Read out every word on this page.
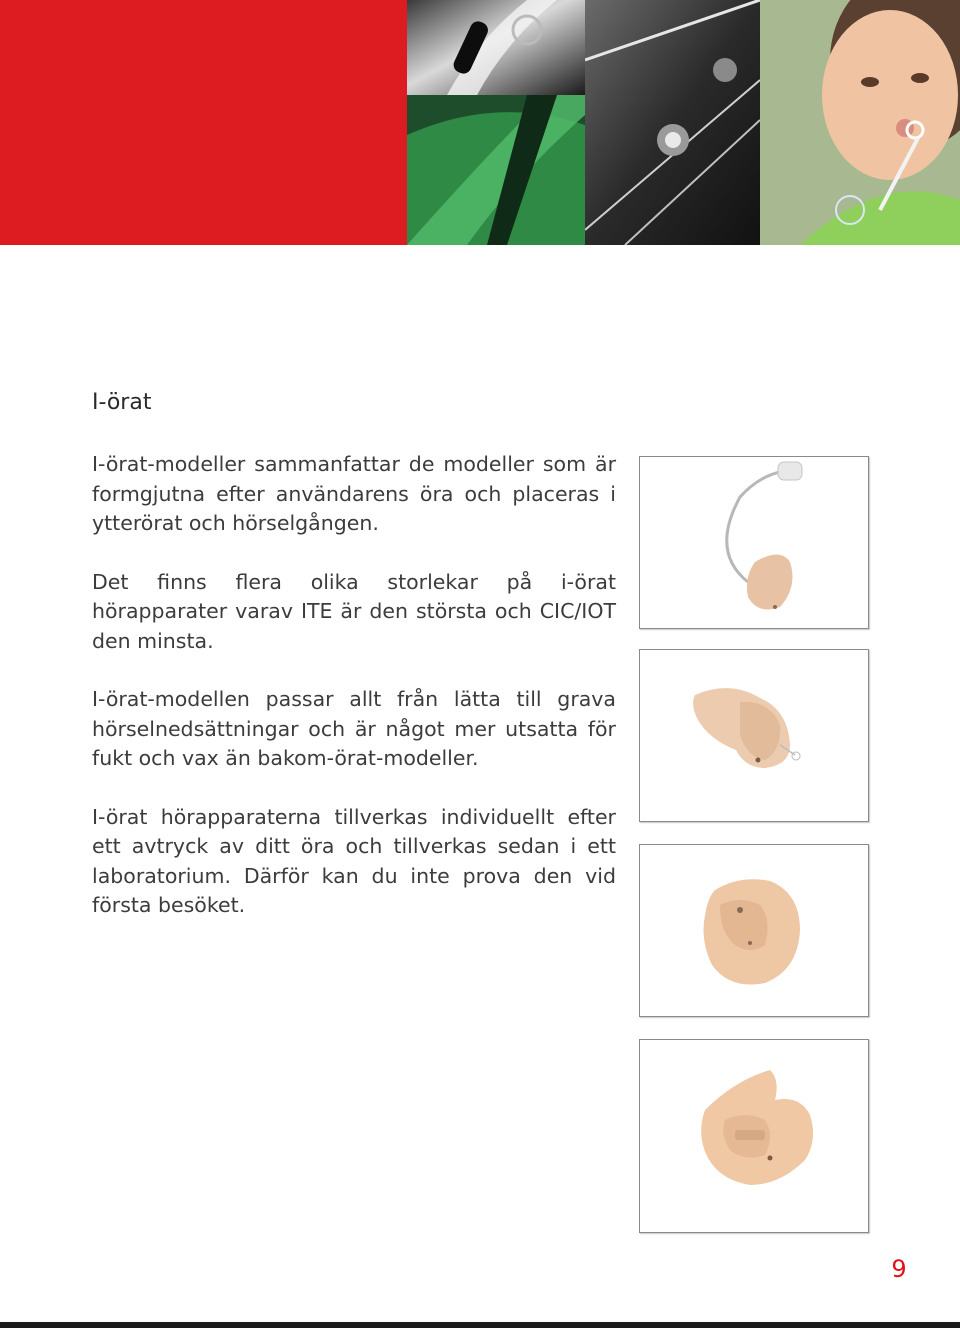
I-örat

I-örat-modeller sammanfattar de modeller som är formgjutna efter användarens öra och placeras i ytterörat och hörselgången.

Det finns flera olika storlekar på i-örat hörapparater varav ITE är den största och CIC/IOT den minsta.

I-örat-modellen passar allt från lätta till grava hörselnedsättningar och är något mer utsatta för fukt och vax än bakom-örat-modeller.

I-örat hörapparaterna tillverkas individuellt efter ett avtryck av ditt öra och tillverkas sedan i ett laboratorium. Därför kan du inte prova den vid första besöket.

9
